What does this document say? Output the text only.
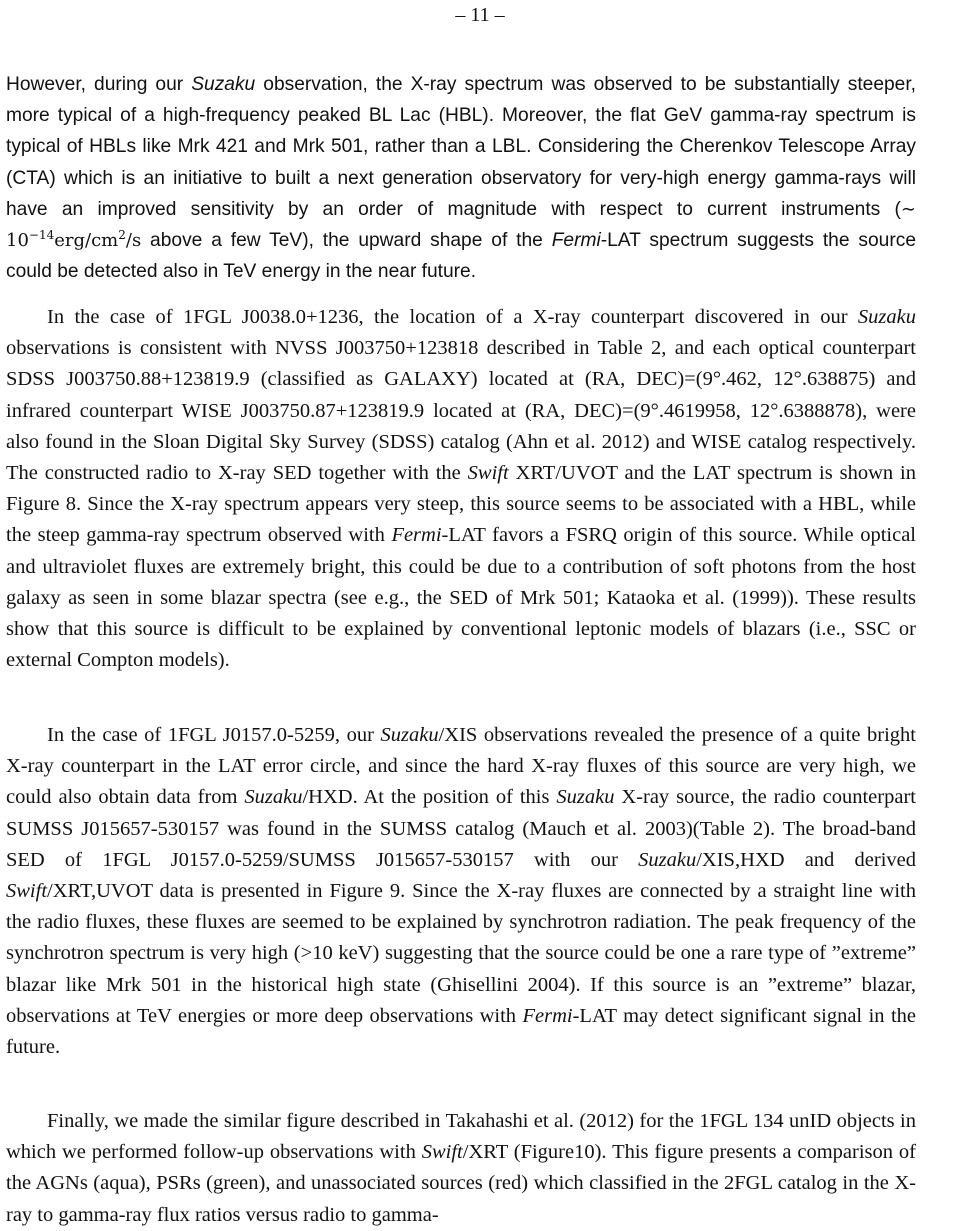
– 11 –

However, during our Suzaku observation, the X-ray spectrum was observed to be substantially steeper, more typical of a high-frequency peaked BL Lac (HBL). Moreover, the flat GeV gamma-ray spectrum is typical of HBLs like Mrk 421 and Mrk 501, rather than a LBL. Considering the Cherenkov Telescope Array (CTA) which is an initiative to built a next generation observatory for very-high energy gamma-rays will have an improved sensitivity by an order of magnitude with respect to current instruments (∼ $10^{-14}erg/cm^2/s$ above a few TeV), the upward shape of the Fermi-LAT spectrum suggests the source could be detected also in TeV energy in the near future.

In the case of 1FGL J0038.0+1236, the location of a X-ray counterpart discovered in our Suzaku observations is consistent with NVSS J003750+123818 described in Table 2, and each optical counterpart SDSS J003750.88+123819.9 (classified as GALAXY) located at (RA, DEC)=(9°.462, 12°.638875) and infrared counterpart WISE J003750.87+123819.9 located at (RA, DEC)=(9°.4619958, 12°.6388878), were also found in the Sloan Digital Sky Survey (SDSS) catalog (Ahn et al. 2012) and WISE catalog respectively. The constructed radio to X-ray SED together with the Swift XRT/UVOT and the LAT spectrum is shown in Figure 8. Since the X-ray spectrum appears very steep, this source seems to be associated with a HBL, while the steep gamma-ray spectrum observed with Fermi-LAT favors a FSRQ origin of this source. While optical and ultraviolet fluxes are extremely bright, this could be due to a contribution of soft photons from the host galaxy as seen in some blazar spectra (see e.g., the SED of Mrk 501; Kataoka et al. (1999)). These results show that this source is difficult to be explained by conventional leptonic models of blazars (i.e., SSC or external Compton models).

In the case of 1FGL J0157.0-5259, our Suzaku/XIS observations revealed the presence of a quite bright X-ray counterpart in the LAT error circle, and since the hard X-ray fluxes of this source are very high, we could also obtain data from Suzaku/HXD. At the position of this Suzaku X-ray source, the radio counterpart SUMSS J015657-530157 was found in the SUMSS catalog (Mauch et al. 2003)(Table 2). The broad-band SED of 1FGL J0157.0-5259/SUMSS J015657-530157 with our Suzaku/XIS,HXD and derived Swift/XRT,UVOT data is presented in Figure 9. Since the X-ray fluxes are connected by a straight line with the radio fluxes, these fluxes are seemed to be explained by synchrotron radiation. The peak frequency of the synchrotron spectrum is very high (>10 keV) suggesting that the source could be one a rare type of ”extreme” blazar like Mrk 501 in the historical high state (Ghisellini 2004). If this source is an ”extreme” blazar, observations at TeV energies or more deep observations with Fermi-LAT may detect significant signal in the future.

Finally, we made the similar figure described in Takahashi et al. (2012) for the 1FGL 134 unID objects in which we performed follow-up observations with Swift/XRT (Figure10). This figure presents a comparison of the AGNs (aqua), PSRs (green), and unassociated sources (red) which classified in the 2FGL catalog in the X-ray to gamma-ray flux ratios versus radio to gamma-
